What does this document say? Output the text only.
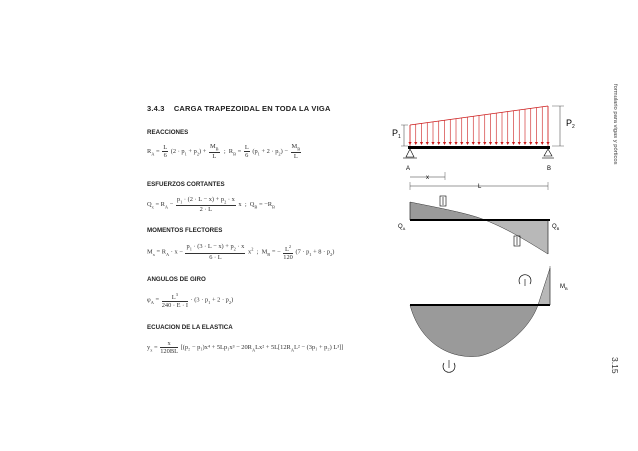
formulario para vigas y pórticos
3.15
3.4.3    CARGA TRAPEZOIDAL EN TODA LA VIGA
REACCIONES
$R_A = \frac{L}{6} (2 \cdot p_1 + p_2) + \frac{M_B}{L}$ ; $R_B = \frac{L}{6} (p_1 + 2 \cdot p_2) - \frac{M_B}{L}$
ESFUERZOS CORTANTES
$Q_x = R_A - \frac{p_1 \cdot (2 \cdot L - x) + p_2 \cdot x}{2 \cdot L}$ x ; $Q_B = -R_B$
MOMENTOS FLECTORES
$M_x = R_A \cdot x - \frac{p_1 \cdot (3 \cdot L - x) + p_2 \cdot x}{6 \cdot L} x^2$ ; $M_B$ = − $\frac{L^2}{120} (7 \cdot p_1 + 8 \cdot p_2)$
ANGULOS DE GIRO
$\varphi_A = \frac{L^3}{240 \cdot E \cdot I} \cdot (3 \cdot p_1 + 2 \cdot p_2)$
ECUACION DE LA ELASTICA
$y_x = \frac{x}{120BL} [(p_2 - p_1)x^4 + 5Lp_1x^3 - 20R_ALx^2 + 5L[12R_AL^2 - (3p_1 + p_2)$ L³]]
$P_1$
$P_2$
A	B
x
L
$Q_A$	$Q_B$
$M_B$
